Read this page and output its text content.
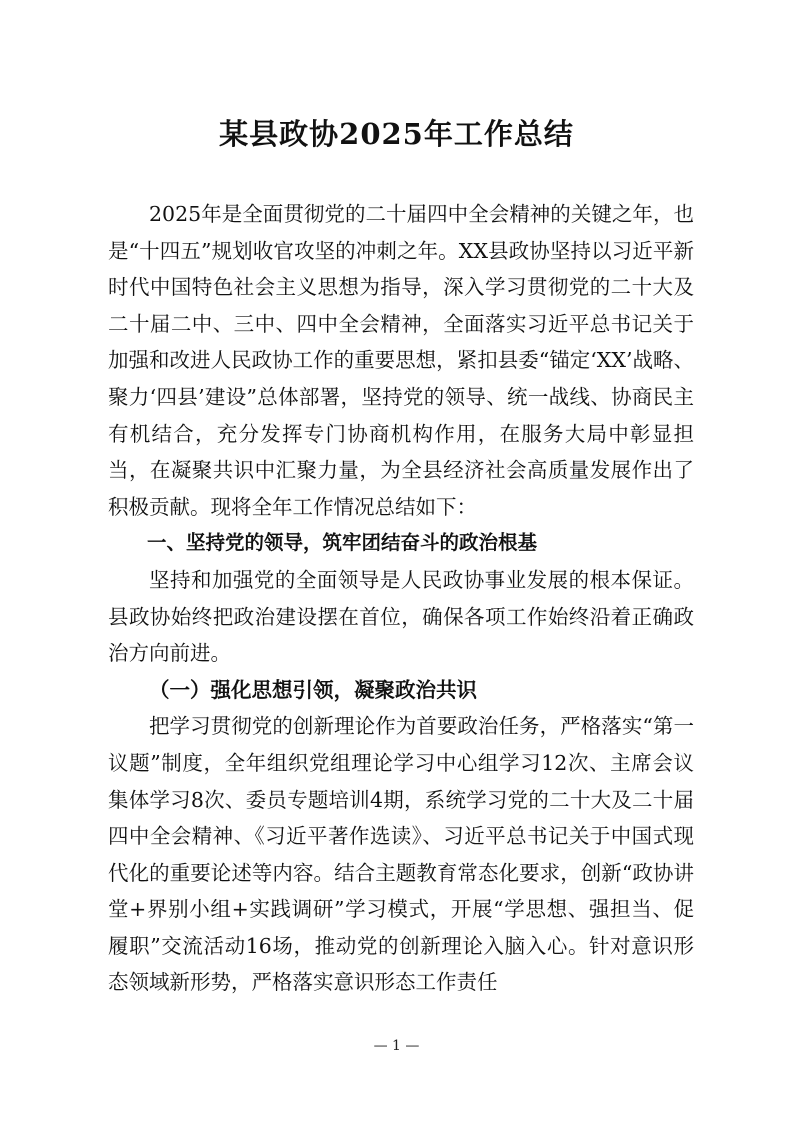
某县政协2025年工作总结

2025年是全面贯彻党的二十届四中全会精神的关键之年，也是“十四五”规划收官攻坚的冲刺之年。XX县政协坚持以习近平新时代中国特色社会主义思想为指导，深入学习贯彻党的二十大及二十届二中、三中、四中全会精神，全面落实习近平总书记关于加强和改进人民政协工作的重要思想，紧扣县委“锚定‘XX’战略、聚力‘四县’建设”总体部署，坚持党的领导、统一战线、协商民主有机结合，充分发挥专门协商机构作用，在服务大局中彰显担当，在凝聚共识中汇聚力量，为全县经济社会高质量发展作出了积极贡献。现将全年工作情况总结如下：

一、坚持党的领导，筑牢团结奋斗的政治根基

坚持和加强党的全面领导是人民政协事业发展的根本保证。县政协始终把政治建设摆在首位，确保各项工作始终沿着正确政治方向前进。

（一）强化思想引领，凝聚政治共识

把学习贯彻党的创新理论作为首要政治任务，严格落实“第一议题”制度，全年组织党组理论学习中心组学习12次、主席会议集体学习8次、委员专题培训4期，系统学习党的二十大及二十届四中全会精神、《习近平著作选读》、习近平总书记关于中国式现代化的重要论述等内容。结合主题教育常态化要求，创新“政协讲堂+界别小组+实践调研”学习模式，开展“学思想、强担当、促履职”交流活动16场，推动党的创新理论入脑入心。针对意识形态领域新形势，严格落实意识形态工作责任

— 1 —
